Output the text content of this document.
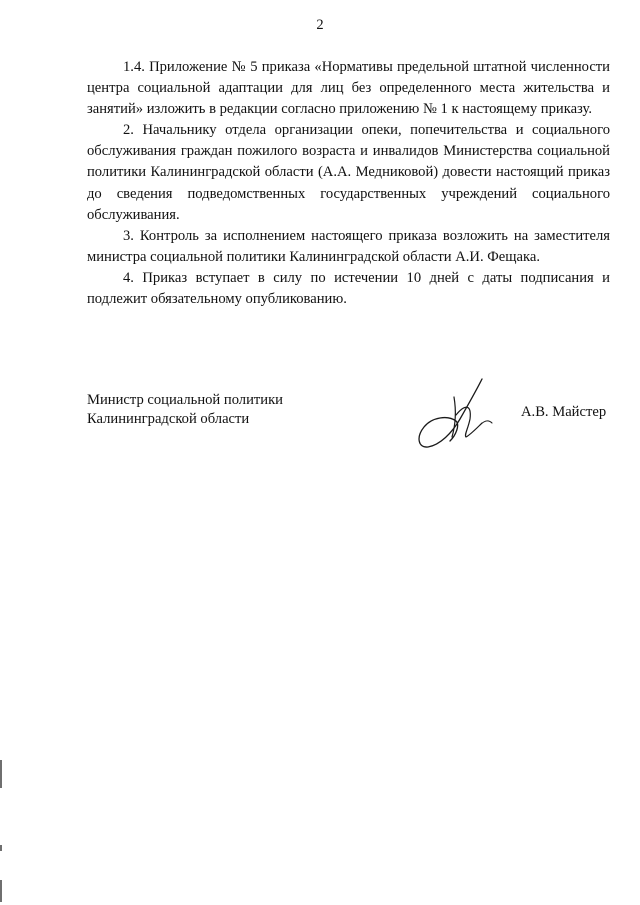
2

1.4. Приложение № 5 приказа «Нормативы предельной штатной численности центра социальной адаптации для лиц без определенного места жительства и занятий» изложить в редакции согласно приложению № 1 к настоящему приказу.

2. Начальнику отдела организации опеки, попечительства и социального обслуживания граждан пожилого возраста и инвалидов Министерства социальной политики Калининградской области (А.А. Медниковой) довести настоящий приказ до сведения подведомственных государственных учреждений социального обслуживания.

3. Контроль за исполнением настоящего приказа возложить на заместителя министра социальной политики Калининградской области А.И. Фещака.

4. Приказ вступает в силу по истечении 10 дней с даты подписания и подлежит обязательному опубликованию.

Министр социальной политики
Калининградской области	А.В. Майстер
